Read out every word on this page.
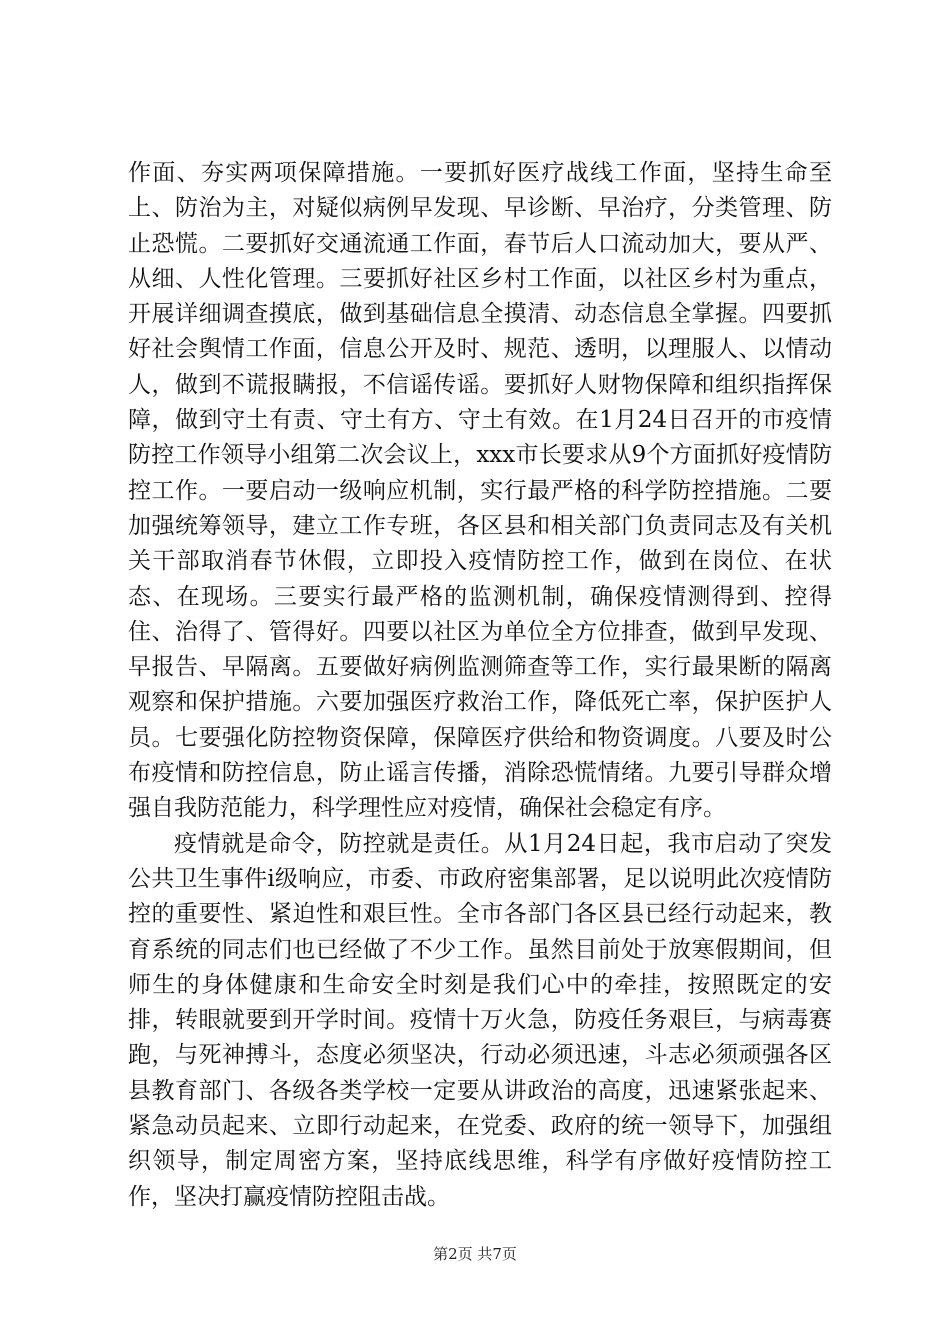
作面、夯实两项保障措施。一要抓好医疗战线工作面，坚持生命至上、防治为主，对疑似病例早发现、早诊断、早治疗，分类管理、防止恐慌。二要抓好交通流通工作面，春节后人口流动加大，要从严、从细、人性化管理。三要抓好社区乡村工作面，以社区乡村为重点，开展详细调查摸底，做到基础信息全摸清、动态信息全掌握。四要抓好社会舆情工作面，信息公开及时、规范、透明，以理服人、以情动人，做到不谎报瞒报，不信谣传谣。要抓好人财物保障和组织指挥保障，做到守土有责、守土有方、守土有效。在1月24日召开的市疫情防控工作领导小组第二次会议上，xxx市长要求从9个方面抓好疫情防控工作。一要启动一级响应机制，实行最严格的科学防控措施。二要加强统筹领导，建立工作专班，各区县和相关部门负责同志及有关机关干部取消春节休假，立即投入疫情防控工作，做到在岗位、在状态、在现场。三要实行最严格的监测机制，确保疫情测得到、控得住、治得了、管得好。四要以社区为单位全方位排查，做到早发现、早报告、早隔离。五要做好病例监测筛查等工作，实行最果断的隔离观察和保护措施。六要加强医疗救治工作，降低死亡率，保护医护人员。七要强化防控物资保障，保障医疗供给和物资调度。八要及时公布疫情和防控信息，防止谣言传播，消除恐慌情绪。九要引导群众增强自我防范能力，科学理性应对疫情，确保社会稳定有序。

疫情就是命令，防控就是责任。从1月24日起，我市启动了突发公共卫生事件i级响应，市委、市政府密集部署，足以说明此次疫情防控的重要性、紧迫性和艰巨性。全市各部门各区县已经行动起来，教育系统的同志们也已经做了不少工作。虽然目前处于放寒假期间，但师生的身体健康和生命安全时刻是我们心中的牵挂，按照既定的安排，转眼就要到开学时间。疫情十万火急，防疫任务艰巨，与病毒赛跑，与死神搏斗，态度必须坚决，行动必须迅速，斗志必须顽强各区县教育部门、各级各类学校一定要从讲政治的高度，迅速紧张起来、紧急动员起来、立即行动起来，在党委、政府的统一领导下，加强组织领导，制定周密方案，坚持底线思维，科学有序做好疫情防控工作，坚决打赢疫情防控阻击战。

第2页 共7页
